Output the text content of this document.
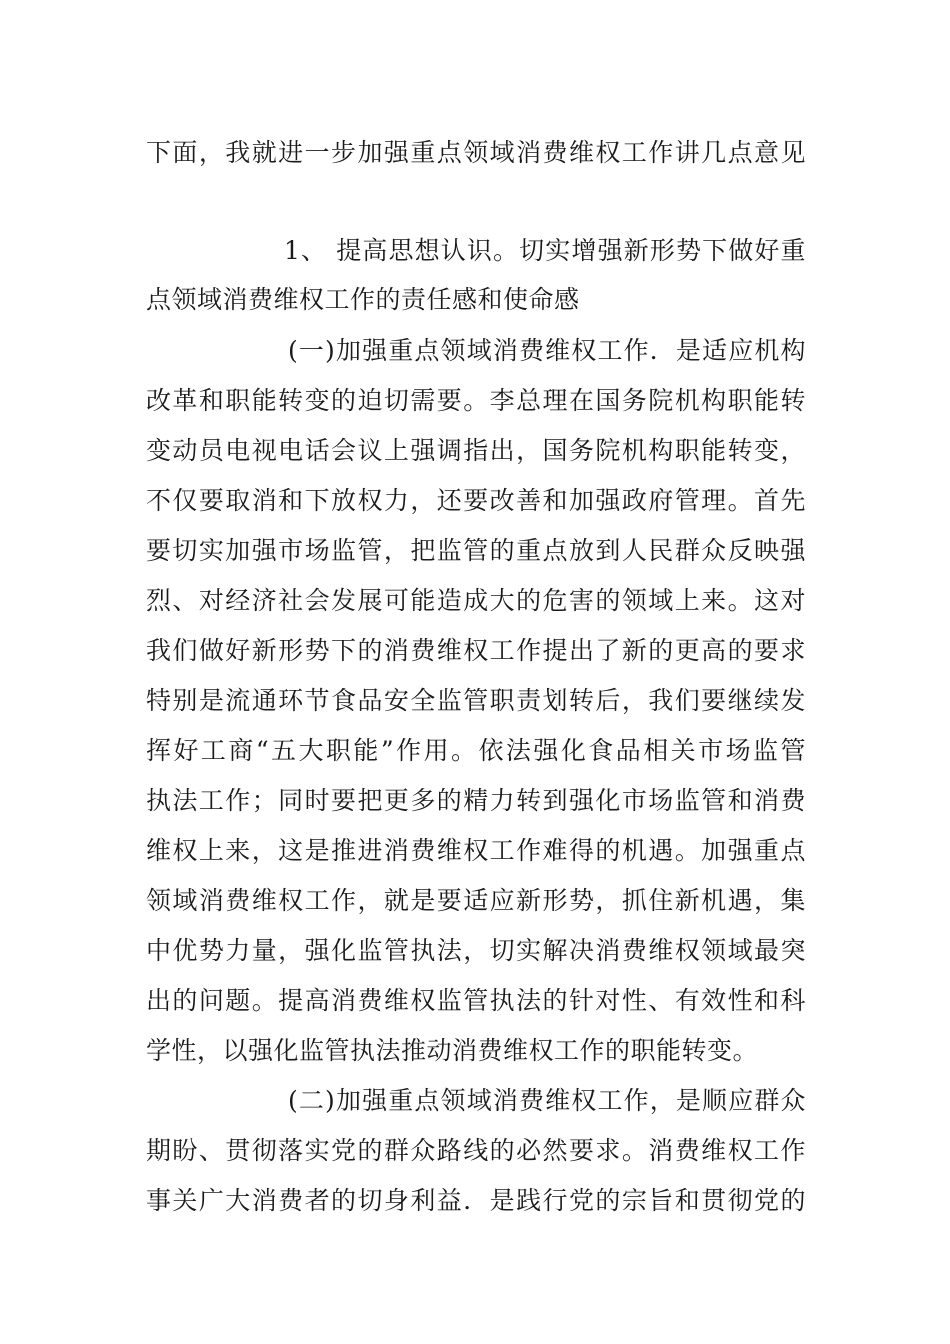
下面，我就进一步加强重点领域消费维权工作讲几点意见
1、 提高思想认识。切实增强新形势下做好重
点领域消费维权工作的责任感和使命感
(一)加强重点领域消费维权工作．是适应机构
改革和职能转变的迫切需要。李总理在国务院机构职能转
变动员电视电话会议上强调指出，国务院机构职能转变，
不仅要取消和下放权力，还要改善和加强政府管理。首先
要切实加强市场监管，把监管的重点放到人民群众反映强
烈、对经济社会发展可能造成大的危害的领域上来。这对
我们做好新形势下的消费维权工作提出了新的更高的要求
特别是流通环节食品安全监管职责划转后，我们要继续发
挥好工商“五大职能”作用。依法强化食品相关市场监管
执法工作；同时要把更多的精力转到强化市场监管和消费
维权上来，这是推进消费维权工作难得的机遇。加强重点
领域消费维权工作，就是要适应新形势，抓住新机遇，集
中优势力量，强化监管执法，切实解决消费维权领域最突
出的问题。提高消费维权监管执法的针对性、有效性和科
学性，以强化监管执法推动消费维权工作的职能转变。
(二)加强重点领域消费维权工作，是顺应群众
期盼、贯彻落实党的群众路线的必然要求。消费维权工作
事关广大消费者的切身利益．是践行党的宗旨和贯彻党的
